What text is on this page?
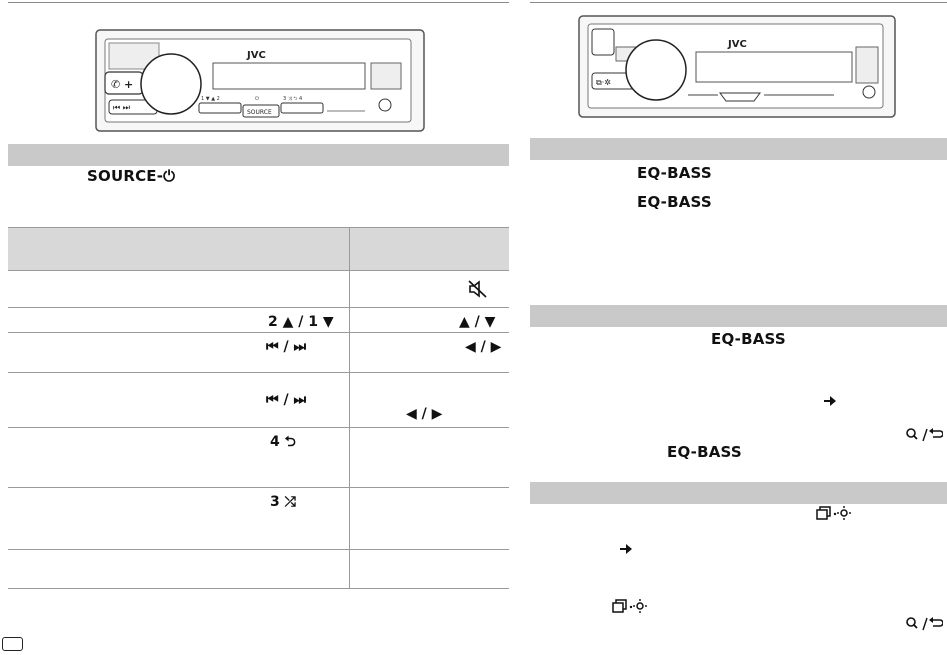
✆ +
⏮ ⏭
JVC
SOURCE
1 ▼ ▲ 2	⏻	3 ⤨ ⮌ 4
⧉·✲
JVC
SOURCE-⏻
2 ▲ / 1 ▼
⏮ / ⏭
⏮ / ⏭
4 ⮌
3 ⤮
▲ / ▼
◀ / ▶
◀ / ▶
EQ-BASS
EQ-BASS
EQ-BASS
EQ-BASS
